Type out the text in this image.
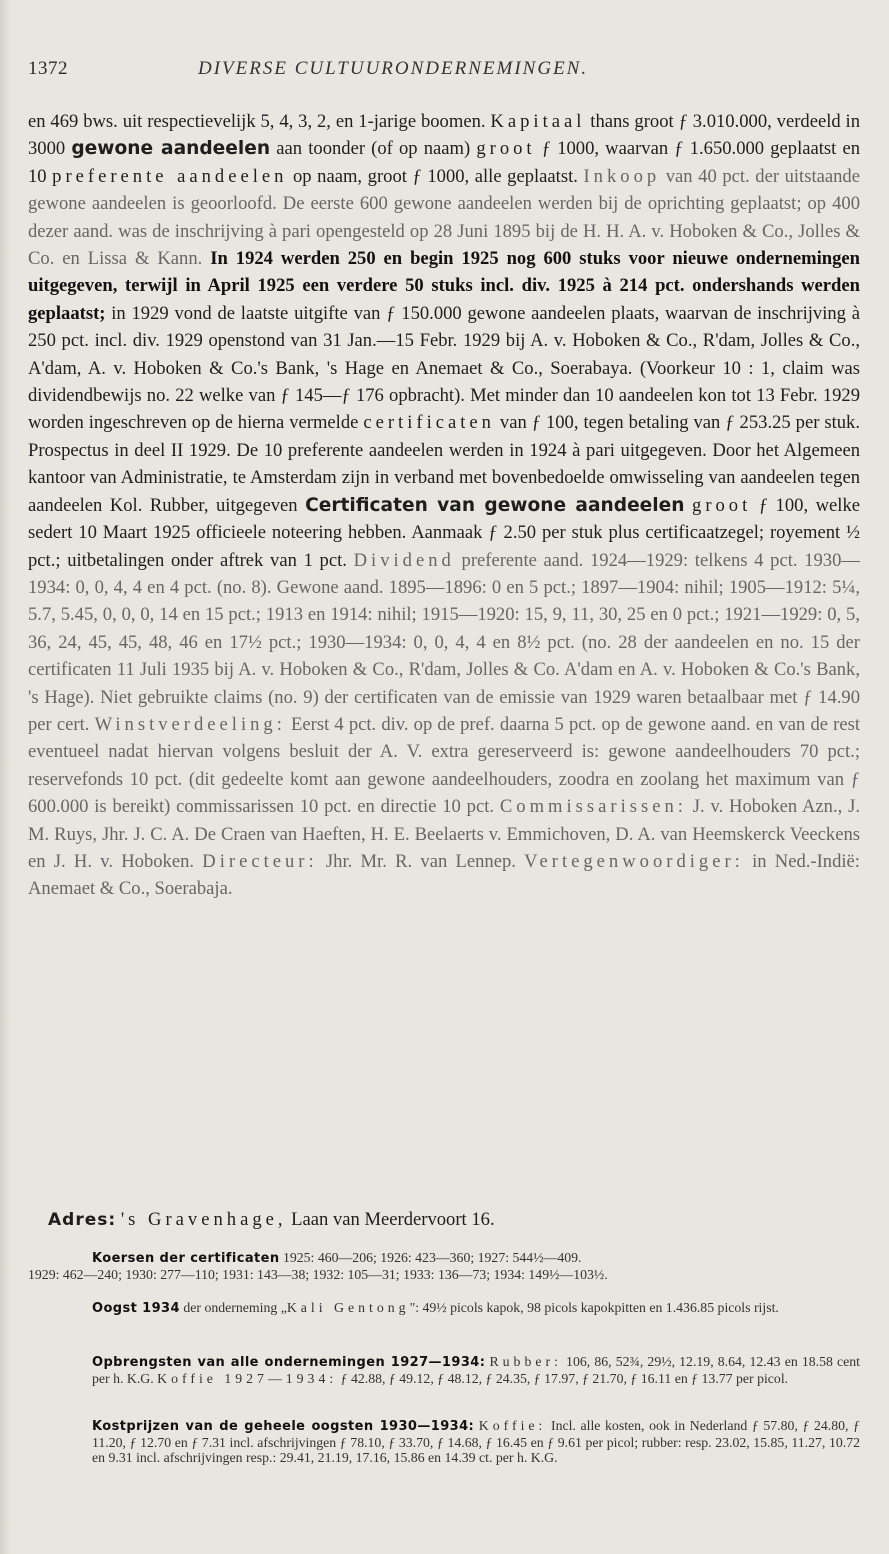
1372	DIVERSE CULTUURONDERNEMINGEN.

en 469 bws. uit respectievelijk 5, 4, 3, 2, en 1-jarige boomen. Kapitaal thans groot ƒ 3.010.000, verdeeld in 3000 gewone aandeelen aan toonder (of op naam) groot ƒ 1000, waarvan ƒ 1.650.000 geplaatst en 10 preferente aandeelen op naam, groot ƒ 1000, alle geplaatst. Inkoop van 40 pct. der uitstaande gewone aandeelen is geoorloofd. De eerste 600 gewone aandeelen werden bij de oprichting geplaatst; op 400 dezer aand. was de inschrijving à pari opengesteld op 28 Juni 1895 bij de H. H. A. v. Hoboken & Co., Jolles & Co. en Lissa & Kann. In 1924 werden 250 en begin 1925 nog 600 stuks voor nieuwe ondernemingen uitgegeven, terwijl in April 1925 een verdere 50 stuks incl. div. 1925 à 214 pct. ondershands werden geplaatst; in 1929 vond de laatste uitgifte van ƒ 150.000 gewone aandeelen plaats, waarvan de inschrijving à 250 pct. incl. div. 1929 openstond van 31 Jan.—15 Febr. 1929 bij A. v. Hoboken & Co., R'dam, Jolles & Co., A'dam, A. v. Hoboken & Co.'s Bank, 's Hage en Anemaet & Co., Soerabaya. (Voorkeur 10 : 1, claim was dividendbewijs no. 22 welke van ƒ 145—ƒ 176 opbracht). Met minder dan 10 aandeelen kon tot 13 Febr. 1929 worden ingeschreven op de hierna vermelde certificaten van ƒ 100, tegen betaling van ƒ 253.25 per stuk. Prospectus in deel II 1929. De 10 preferente aandeelen werden in 1924 à pari uitgegeven. Door het Algemeen kantoor van Administratie, te Amsterdam zijn in verband met bovenbedoelde omwisseling van aandeelen tegen aandeelen Kol. Rubber, uitgegeven Certificaten van gewone aandeelen groot ƒ 100, welke sedert 10 Maart 1925 officieele noteering hebben. Aanmaak ƒ 2.50 per stuk plus certificaatzegel; royement ½ pct.; uitbetalingen onder aftrek van 1 pct. Dividend preferente aand. 1924—1929: telkens 4 pct. 1930—1934: 0, 0, 4, 4 en 4 pct. (no. 8). Gewone aand. 1895—1896: 0 en 5 pct.; 1897—1904: nihil; 1905—1912: 5¼, 5.7, 5.45, 0, 0, 0, 14 en 15 pct.; 1913 en 1914: nihil; 1915—1920: 15, 9, 11, 30, 25 en 0 pct.; 1921—1929: 0, 5, 36, 24, 45, 45, 48, 46 en 17½ pct.; 1930—1934: 0, 0, 4, 4 en 8½ pct. (no. 28 der aandeelen en no. 15 der certificaten 11 Juli 1935 bij A. v. Hoboken & Co., R'dam, Jolles & Co. A'dam en A. v. Hoboken & Co.'s Bank, 's Hage). Niet gebruikte claims (no. 9) der certificaten van de emissie van 1929 waren betaalbaar met ƒ 14.90 per cert. Winstverdeeling: Eerst 4 pct. div. op de pref. daarna 5 pct. op de gewone aand. en van de rest eventueel nadat hiervan volgens besluit der A. V. extra gereserveerd is: gewone aandeelhouders 70 pct.; reservefonds 10 pct. (dit gedeelte komt aan gewone aandeelhouders, zoodra en zoolang het maximum van ƒ 600.000 is bereikt) commissarissen 10 pct. en directie 10 pct. Commissarissen: J. v. Hoboken Azn., J. M. Ruys, Jhr. J. C. A. De Craen van Haeften, H. E. Beelaerts v. Emmichoven, D. A. van Heemskerck Veeckens en J. H. v. Hoboken. Directeur: Jhr. Mr. R. van Lennep. Vertegenwoordiger: in Ned.-Indië: Anemaet & Co., Soerabaja.

Adres: 's Gravenhage, Laan van Meerdervoort 16.
Koersen der certificaten 1925: 460—206; 1926: 423—360; 1927: 544½—409.
1929: 462—240; 1930: 277—110; 1931: 143—38; 1932: 105—31; 1933: 136—73; 1934: 149½—103½.
Oogst 1934 der onderneming „Kali Gentong": 49½ picols kapok, 98 picols kapokpitten en 1.436.85 picols rijst.
Opbrengsten van alle ondernemingen 1927—1934: Rubber: 106, 86, 52¾, 29½, 12.19, 8.64, 12.43 en 18.58 cent per h. K.G. Koffie 1927—1934: ƒ 42.88, ƒ 49.12, ƒ 48.12, ƒ 24.35, ƒ 17.97, ƒ 21.70, ƒ 16.11 en ƒ 13.77 per picol.
Kostprijzen van de geheele oogsten 1930—1934: Koffie: Incl. alle kosten, ook in Nederland ƒ 57.80, ƒ 24.80, ƒ 11.20, ƒ 12.70 en ƒ 7.31 incl. afschrijvingen ƒ 78.10, ƒ 33.70, ƒ 14.68, ƒ 16.45 en ƒ 9.61 per picol; rubber: resp. 23.02, 15.85, 11.27, 10.72 en 9.31 incl. afschrijvingen resp.: 29.41, 21.19, 17.16, 15.86 en 14.39 ct. per h. K.G.
